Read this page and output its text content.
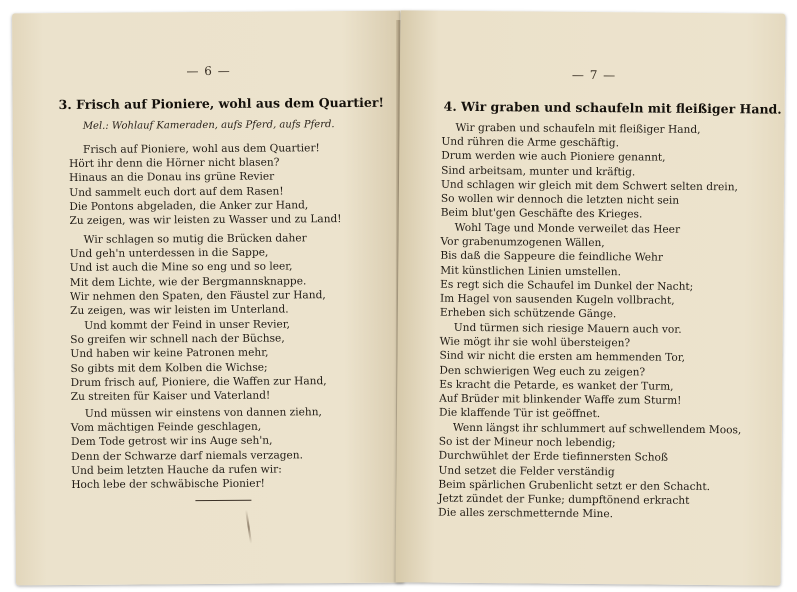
— 6 —
3. Frisch auf Pioniere, wohl aus dem Quartier!
Mel.: Wohlauf Kameraden, aufs Pferd, aufs Pferd.
Frisch auf Pioniere, wohl aus dem Quartier!
Hört ihr denn die Hörner nicht blasen?
Hinaus an die Donau ins grüne Revier
Und sammelt euch dort auf dem Rasen!
Die Pontons abgeladen, die Anker zur Hand,
Zu zeigen, was wir leisten zu Wasser und zu Land!
Wir schlagen so mutig die Brücken daher
Und geh'n unterdessen in die Sappe,
Und ist auch die Mine so eng und so leer,
Mit dem Lichte, wie der Bergmannsknappe.
Wir nehmen den Spaten, den Fäustel zur Hand,
Zu zeigen, was wir leisten im Unterland.
Und kommt der Feind in unser Revier,
So greifen wir schnell nach der Büchse,
Und haben wir keine Patronen mehr,
So gibts mit dem Kolben die Wichse;
Drum frisch auf, Pioniere, die Waffen zur Hand,
Zu streiten für Kaiser und Vaterland!
Und müssen wir einstens von dannen ziehn,
Vom mächtigen Feinde geschlagen,
Dem Tode getrost wir ins Auge seh'n,
Denn der Schwarze darf niemals verzagen.
Und beim letzten Hauche da rufen wir:
Hoch lebe der schwäbische Pionier!
— 7 —
4. Wir graben und schaufeln mit fleißiger Hand.
Wir graben und schaufeln mit fleißiger Hand,
Und rühren die Arme geschäftig.
Drum werden wie auch Pioniere genannt,
Sind arbeitsam, munter und kräftig.
Und schlagen wir gleich mit dem Schwert selten drein,
So wollen wir dennoch die letzten nicht sein
Beim blut'gen Geschäfte des Krieges.
Wohl Tage und Monde verweilet das Heer
Vor grabenumzogenen Wällen,
Bis daß die Sappeure die feindliche Wehr
Mit künstlichen Linien umstellen.
Es regt sich die Schaufel im Dunkel der Nacht;
Im Hagel von sausenden Kugeln vollbracht,
Erheben sich schützende Gänge.
Und türmen sich riesige Mauern auch vor.
Wie mögt ihr sie wohl übersteigen?
Sind wir nicht die ersten am hemmenden Tor,
Den schwierigen Weg euch zu zeigen?
Es kracht die Petarde, es wanket der Turm,
Auf Brüder mit blinkender Waffe zum Sturm!
Die klaffende Tür ist geöffnet.
Wenn längst ihr schlummert auf schwellendem Moos,
So ist der Mineur noch lebendig;
Durchwühlet der Erde tiefinnersten Schoß
Und setzet die Felder verständig
Beim spärlichen Grubenlicht setzt er den Schacht.
Jetzt zündet der Funke; dumpftönend erkracht
Die alles zerschmetternde Mine.
